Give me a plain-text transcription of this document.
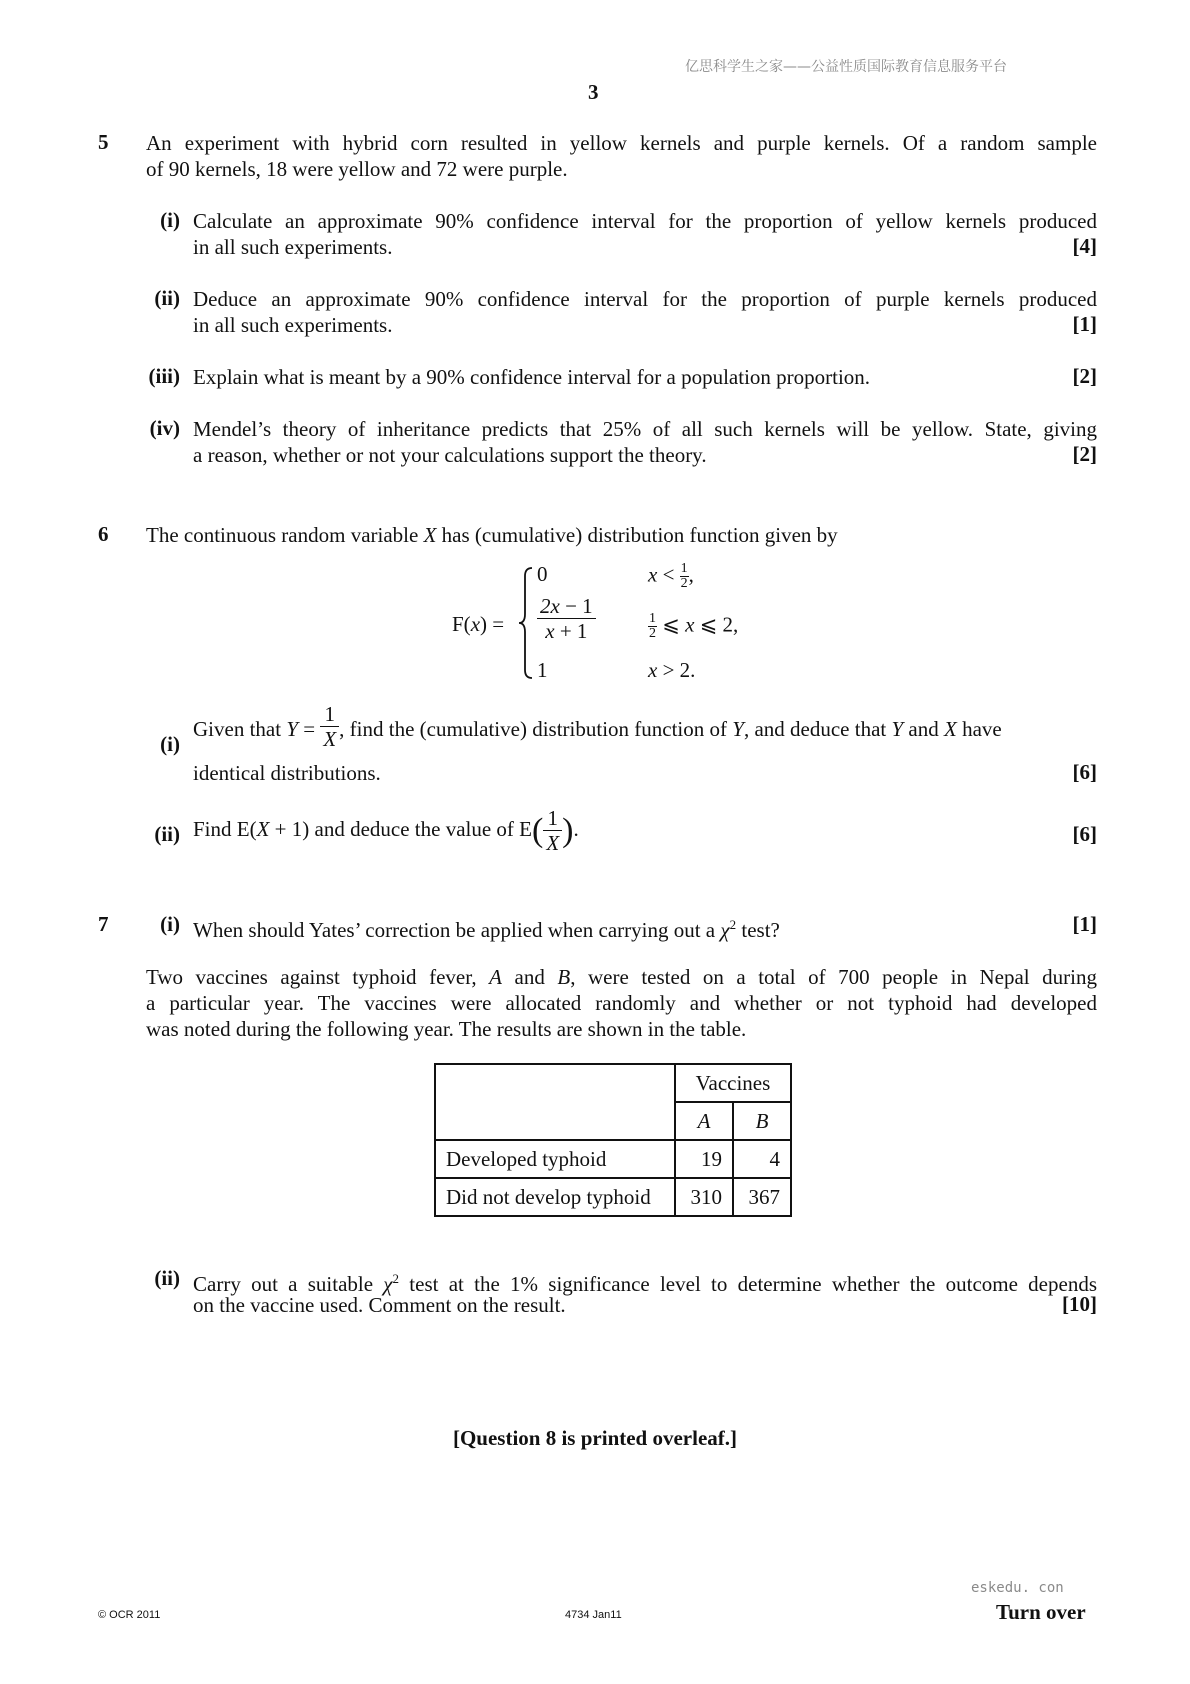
亿思科学生之家——公益性质国际教育信息服务平台
3
5 An experiment with hybrid corn resulted in yellow kernels and purple kernels. Of a random sample
of 90 kernels, 18 were yellow and 72 were purple.
(i) Calculate an approximate 90% confidence interval for the proportion of yellow kernels produced
in all such experiments.	[4]
(ii) Deduce an approximate 90% confidence interval for the proportion of purple kernels produced
in all such experiments.	[1]
(iii) Explain what is meant by a 90% confidence interval for a population proportion.	[2]
(iv) Mendel’s theory of inheritance predicts that 25% of all such kernels will be yellow. State, giving
a reason, whether or not your calculations support the theory.	[2]
6 The continuous random variable X has (cumulative) distribution function given by
F(x) =
0	$x < \frac{1}{2}$ ,
$\frac{2x - 1}{x + 1}$	$\frac{1}{2}$ ⩽ x ⩽ 2,
1	x > 2.
(i)
Given that $Y = \frac{1}{X}$ , find the (cumulative) distribution function of Y, and deduce that Y and X have
identical distributions.	[6]
(ii) Find E(X + 1) and deduce the value of $E( \frac{1}{X}$ ).	[6]
7	(i) When should Yates’ correction be applied when carrying out a $\chi^2$ test?	[1]
Two vaccines against typhoid fever, A and B, were tested on a total of 700 people in Nepal during
a particular year. The vaccines were allocated randomly and whether or not typhoid had developed
was noted during the following year. The results are shown in the table.
	Vaccines	
	A	B
Developed typhoid	19	4
Did not develop typhoid	310	367
(ii) Carry out a suitable $\chi^2$ test at the 1% significance level to determine whether the outcome depends
on the vaccine used. Comment on the result.	[10]
[Question 8 is printed overleaf.]
© OCR 2011	4734 Jan11
eskedu. con
Turn over
